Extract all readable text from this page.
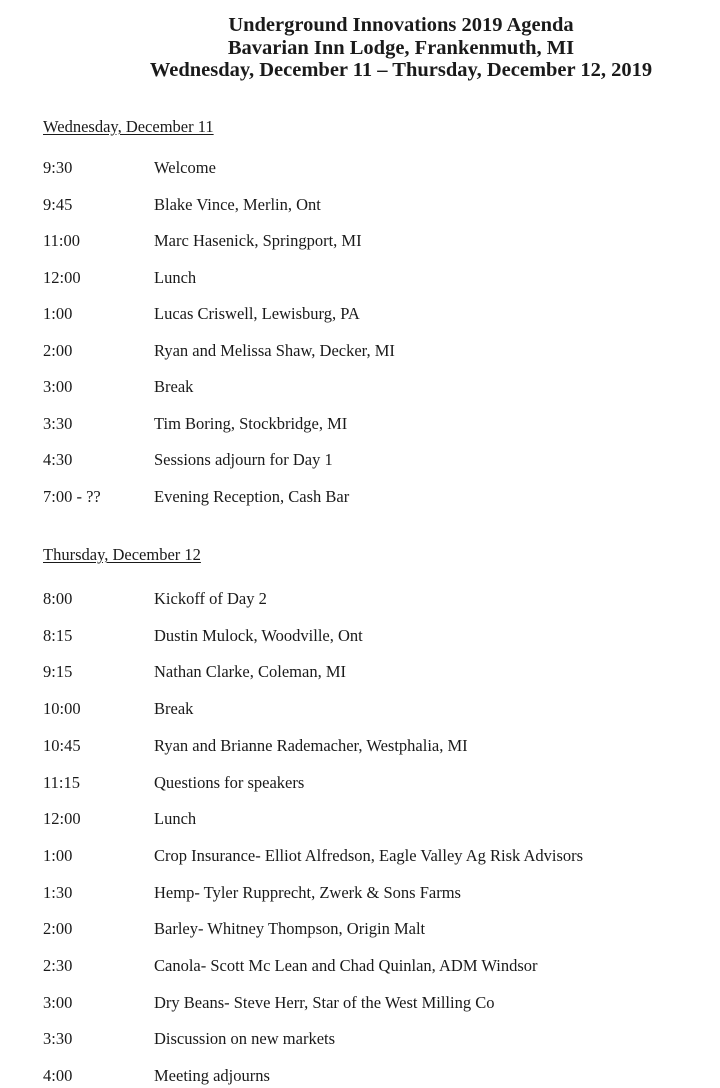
Underground Innovations 2019 Agenda
Bavarian Inn Lodge, Frankenmuth, MI
Wednesday, December 11 – Thursday, December 12, 2019
Wednesday, December 11
9:30	Welcome
9:45	Blake Vince, Merlin, Ont
11:00	Marc Hasenick, Springport, MI
12:00	Lunch
1:00	Lucas Criswell, Lewisburg, PA
2:00	Ryan and Melissa Shaw, Decker, MI
3:00	Break
3:30	Tim Boring, Stockbridge, MI
4:30	Sessions adjourn for Day 1
7:00 - ??	Evening Reception, Cash Bar
Thursday, December 12
8:00	Kickoff of Day 2
8:15	Dustin Mulock, Woodville, Ont
9:15	Nathan Clarke, Coleman, MI
10:00	Break
10:45	Ryan and Brianne Rademacher, Westphalia, MI
11:15	Questions for speakers
12:00	Lunch
1:00	Crop Insurance- Elliot Alfredson, Eagle Valley Ag Risk Advisors
1:30	Hemp- Tyler Rupprecht, Zwerk & Sons Farms
2:00	Barley- Whitney Thompson, Origin Malt
2:30	Canola- Scott Mc Lean and Chad Quinlan, ADM Windsor
3:00	Dry Beans- Steve Herr, Star of the West Milling Co
3:30	Discussion on new markets
4:00	Meeting adjourns
